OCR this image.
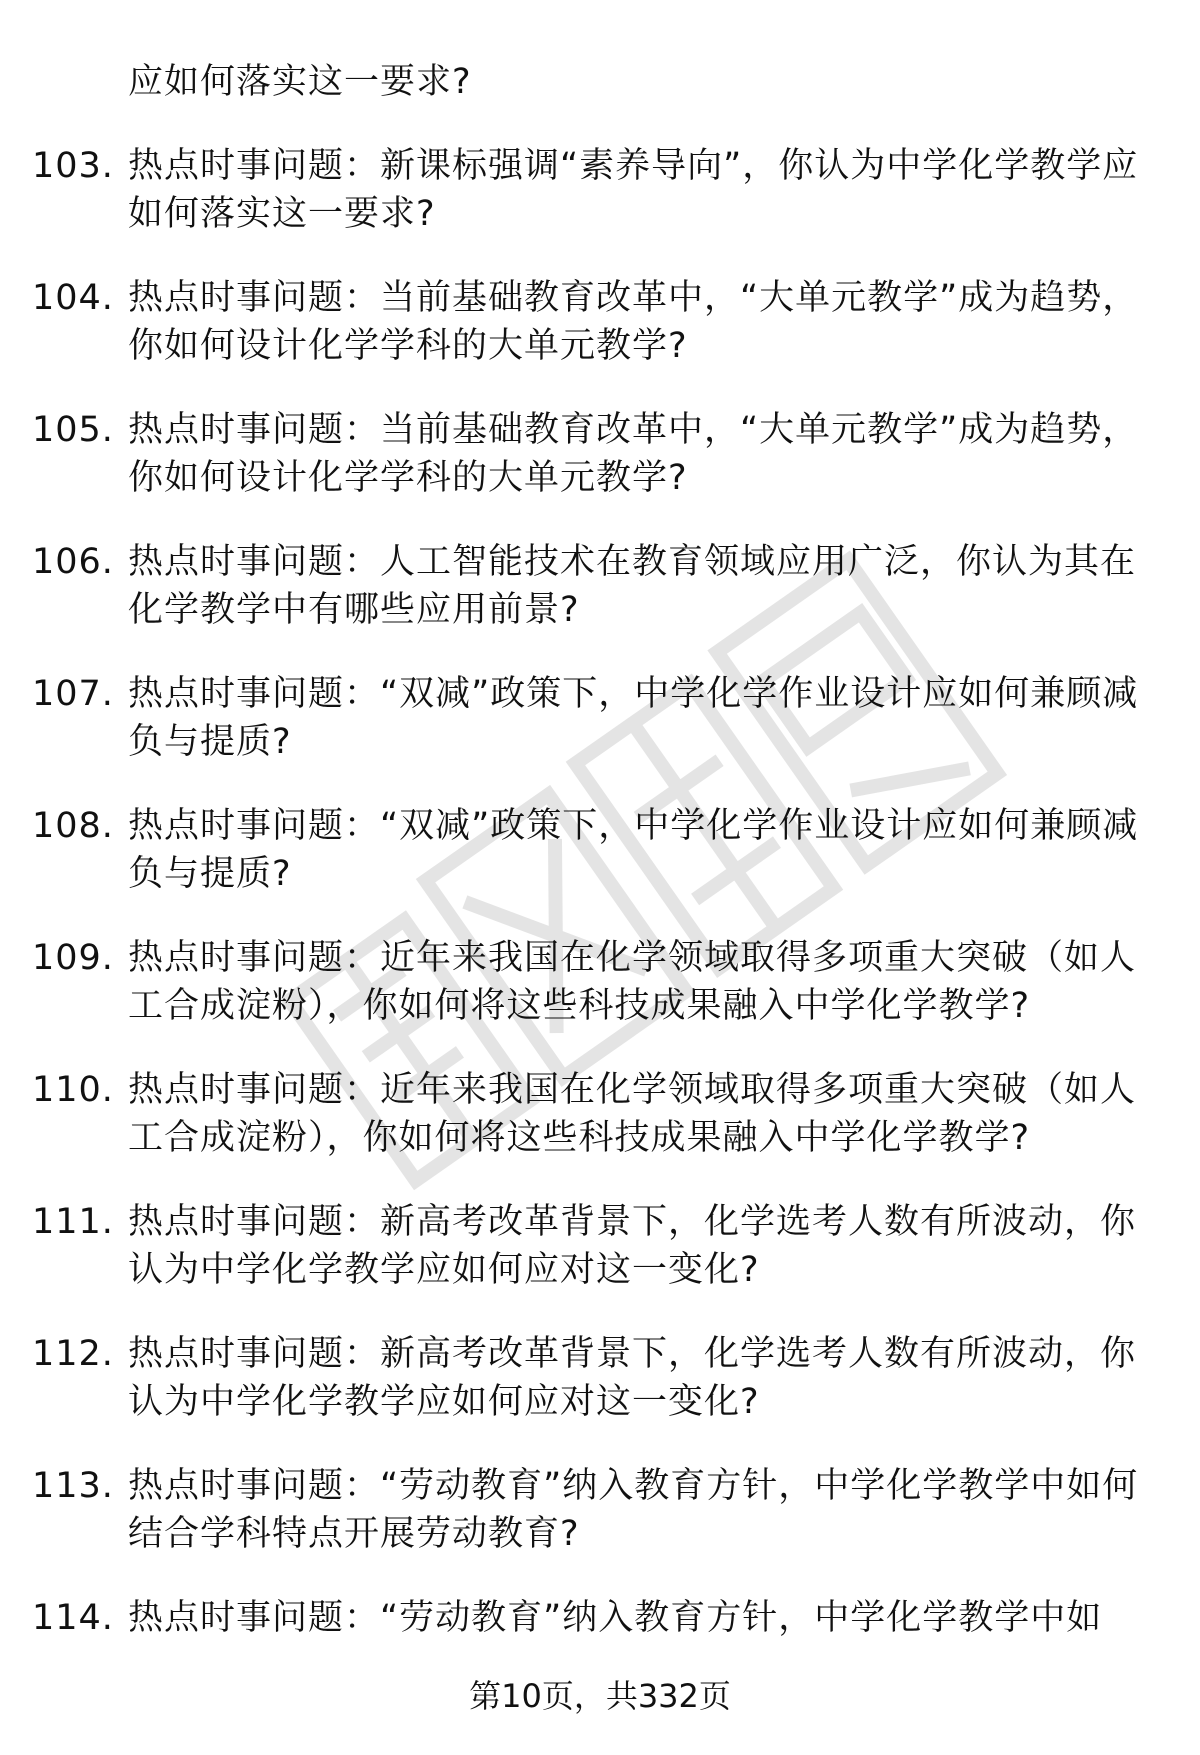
应如何落实这一要求?
103. 热点时事问题：新课标强调“素养导向”，你认为中学化学教学应如何落实这一要求?
104. 热点时事问题：当前基础教育改革中，“大单元教学”成为趋势，你如何设计化学学科的大单元教学?
105. 热点时事问题：当前基础教育改革中，“大单元教学”成为趋势，你如何设计化学学科的大单元教学?
106. 热点时事问题：人工智能技术在教育领域应用广泛，你认为其在化学教学中有哪些应用前景?
107. 热点时事问题：“双减”政策下，中学化学作业设计应如何兼顾减负与提质?
108. 热点时事问题：“双减”政策下，中学化学作业设计应如何兼顾减负与提质?
109. 热点时事问题：近年来我国在化学领域取得多项重大突破（如人工合成淀粉），你如何将这些科技成果融入中学化学教学?
110. 热点时事问题：近年来我国在化学领域取得多项重大突破（如人工合成淀粉），你如何将这些科技成果融入中学化学教学?
111. 热点时事问题：新高考改革背景下，化学选考人数有所波动，你认为中学化学教学应如何应对这一变化?
112. 热点时事问题：新高考改革背景下，化学选考人数有所波动，你认为中学化学教学应如何应对这一变化?
113. 热点时事问题：“劳动教育”纳入教育方针，中学化学教学中如何结合学科特点开展劳动教育?
114. 热点时事问题：“劳动教育”纳入教育方针，中学化学教学中如
第10页，共332页
